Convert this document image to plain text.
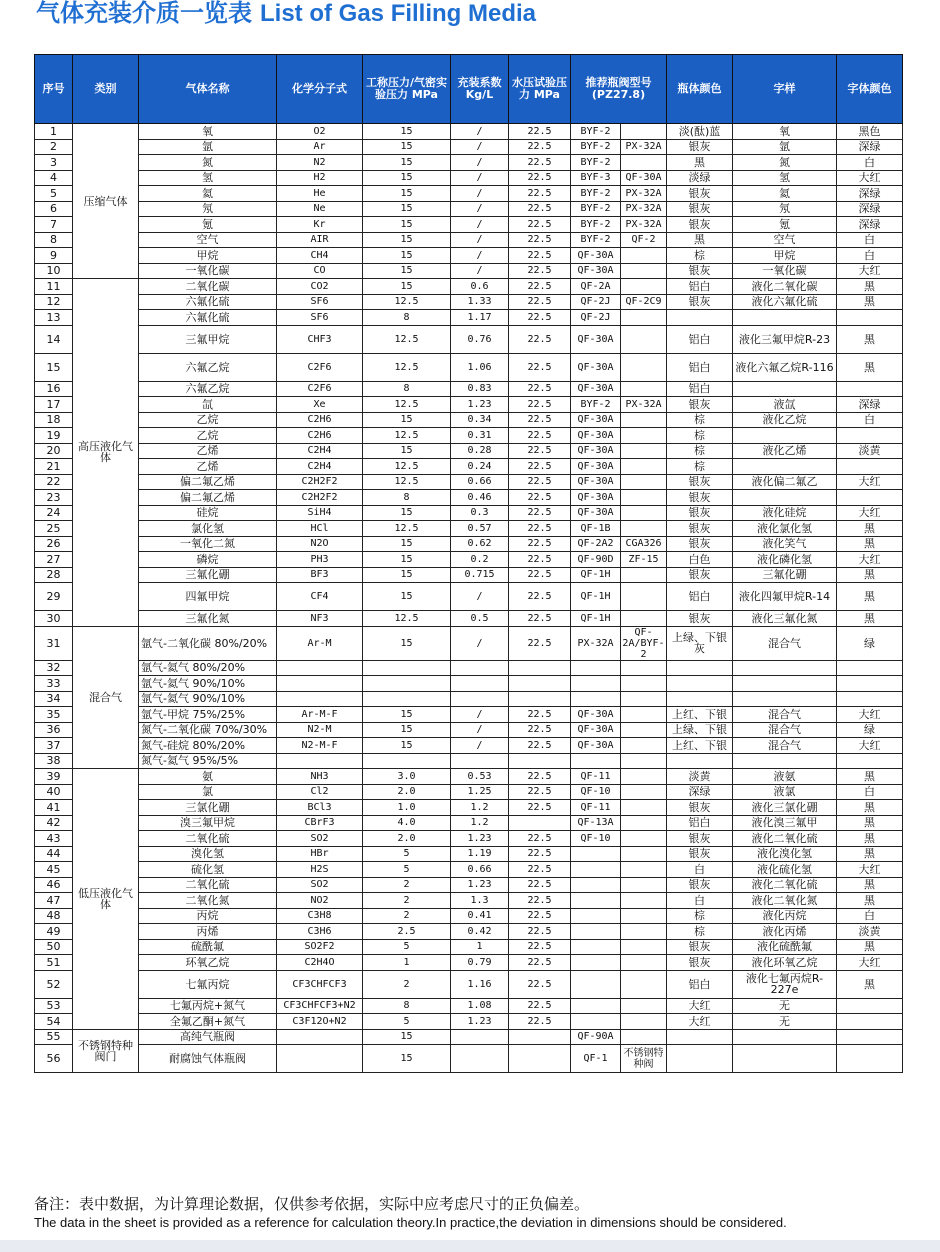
气体充装介质一览表 List of Gas Filling Media
序号	类别	气体名称	化学分子式	工称压力/气密实验压力 MPa	充装系数 Kg/L	水压试验压力 MPa	推荐瓶阀型号 (PZ27.8)		瓶体颜色	字样	字体颜色
1	压缩气体	氧	O2	15	/	22.5	BYF-2		淡(酞)蓝	氧	黑色
2		氩	Ar	15	/	22.5	BYF-2	PX-32A	银灰	氩	深绿
3		氮	N2	15	/	22.5	BYF-2		黑	氮	白
4		氢	H2	15	/	22.5	BYF-3	QF-30A	淡绿	氢	大红
5		氦	He	15	/	22.5	BYF-2	PX-32A	银灰	氦	深绿
6		氖	Ne	15	/	22.5	BYF-2	PX-32A	银灰	氖	深绿
7		氪	Kr	15	/	22.5	BYF-2	PX-32A	银灰	氪	深绿
8		空气	AIR	15	/	22.5	BYF-2	QF-2	黑	空气	白
9		甲烷	CH4	15	/	22.5	QF-30A		棕	甲烷	白
10		一氧化碳	CO	15	/	22.5	QF-30A		银灰	一氧化碳	大红
11	高压液化气体	二氧化碳	CO2	15	0.6	22.5	QF-2A		铝白	液化二氧化碳	黑
12		六氟化硫	SF6	12.5	1.33	22.5	QF-2J	QF-2C9	银灰	液化六氟化硫	黑
13		六氟化硫	SF6	8	1.17	22.5	QF-2J				
14		三氟甲烷	CHF3	12.5	0.76	22.5	QF-30A		铝白	液化三氟甲烷R-23	黑
15		六氟乙烷	C2F6	12.5	1.06	22.5	QF-30A		铝白	液化六氟乙烷R-116	黑
16		六氟乙烷	C2F6	8	0.83	22.5	QF-30A		铝白		
17		氙	Xe	12.5	1.23	22.5	BYF-2	PX-32A	银灰	液氙	深绿
18		乙烷	C2H6	15	0.34	22.5	QF-30A		棕	液化乙烷	白
19		乙烷	C2H6	12.5	0.31	22.5	QF-30A		棕		
20		乙烯	C2H4	15	0.28	22.5	QF-30A		棕	液化乙烯	淡黄
21		乙烯	C2H4	12.5	0.24	22.5	QF-30A		棕		
22		偏二氟乙烯	C2H2F2	12.5	0.66	22.5	QF-30A		银灰	液化偏二氟乙	大红
23		偏二氟乙烯	C2H2F2	8	0.46	22.5	QF-30A		银灰		
24		硅烷	SiH4	15	0.3	22.5	QF-30A		银灰	液化硅烷	大红
25		氯化氢	HCl	12.5	0.57	22.5	QF-1B		银灰	液化氯化氢	黑
26		一氧化二氮	N2O	15	0.62	22.5	QF-2A2	CGA326	银灰	液化笑气	黑
27		磷烷	PH3	15	0.2	22.5	QF-90D	ZF-15	白色	液化磷化氢	大红
28		三氟化硼	BF3	15	0.715	22.5	QF-1H		银灰	三氟化硼	黑
29		四氟甲烷	CF4	15	/	22.5	QF-1H		铝白	液化四氟甲烷R-14	黑
30		三氟化氮	NF3	12.5	0.5	22.5	QF-1H		银灰	液化三氟化氮	黑
31	混合气	氩气-二氧化碳 80%/20%	Ar-M	15	/	22.5	PX-32A	QF-2A/BYF-2	上绿、下银灰	混合气	绿
32		氩气-氦气 80%/20%									
33		氩气-氦气 90%/10%									
34		氩气-氦气 90%/10%									
35		氩气-甲烷 75%/25%	Ar-M-F	15	/	22.5	QF-30A		上红、下银	混合气	大红
36		氮气-二氧化碳 70%/30%	N2-M	15	/	22.5	QF-30A		上绿、下银	混合气	绿
37		氮气-硅烷 80%/20%	N2-M-F	15	/	22.5	QF-30A		上红、下银	混合气	大红
38		氮气-氦气 95%/5%									
39	低压液化气体	氨	NH3	3.0	0.53	22.5	QF-11		淡黄	液氨	黑
40		氯	Cl2	2.0	1.25	22.5	QF-10		深绿	液氯	白
41		三氯化硼	BCl3	1.0	1.2	22.5	QF-11		银灰	液化三氯化硼	黑
42		溴三氟甲烷	CBrF3	4.0	1.2		QF-13A		铝白	液化溴三氟甲	黑
43		二氧化硫	SO2	2.0	1.23	22.5	QF-10		银灰	液化二氧化硫	黑
44		溴化氢	HBr	5	1.19	22.5			银灰	液化溴化氢	黑
45		硫化氢	H2S	5	0.66	22.5			白	液化硫化氢	大红
46		二氧化硫	SO2	2	1.23	22.5			银灰	液化二氧化硫	黑
47		二氧化氮	NO2	2	1.3	22.5			白	液化二氧化氮	黑
48		丙烷	C3H8	2	0.41	22.5			棕	液化丙烷	白
49		丙烯	C3H6	2.5	0.42	22.5			棕	液化丙烯	淡黄
50		硫酰氟	SO2F2	5	1	22.5			银灰	液化硫酰氟	黑
51		环氧乙烷	C2H4O	1	0.79	22.5			银灰	液化环氧乙烷	大红
52		七氟丙烷	CF3CHFCF3	2	1.16	22.5			铝白	液化七氟丙烷R-227e	黑
53		七氟丙烷+氮气	CF3CHFCF3+N2	8	1.08	22.5			大红	无	
54		全氟乙酮+氮气	C3F12O+N2	5	1.23	22.5			大红	无	
55	不锈钢特种阀门	高纯气瓶阀		15			QF-90A				
56		耐腐蚀气体瓶阀		15			QF-1	不锈钢特种阀			
备注：表中数据，为计算理论数据，仅供参考依据，实际中应考虑尺寸的正负偏差。
The data in the sheet is provided as a reference for calculation theory.In practice,the deviation in dimensions should be considered.
